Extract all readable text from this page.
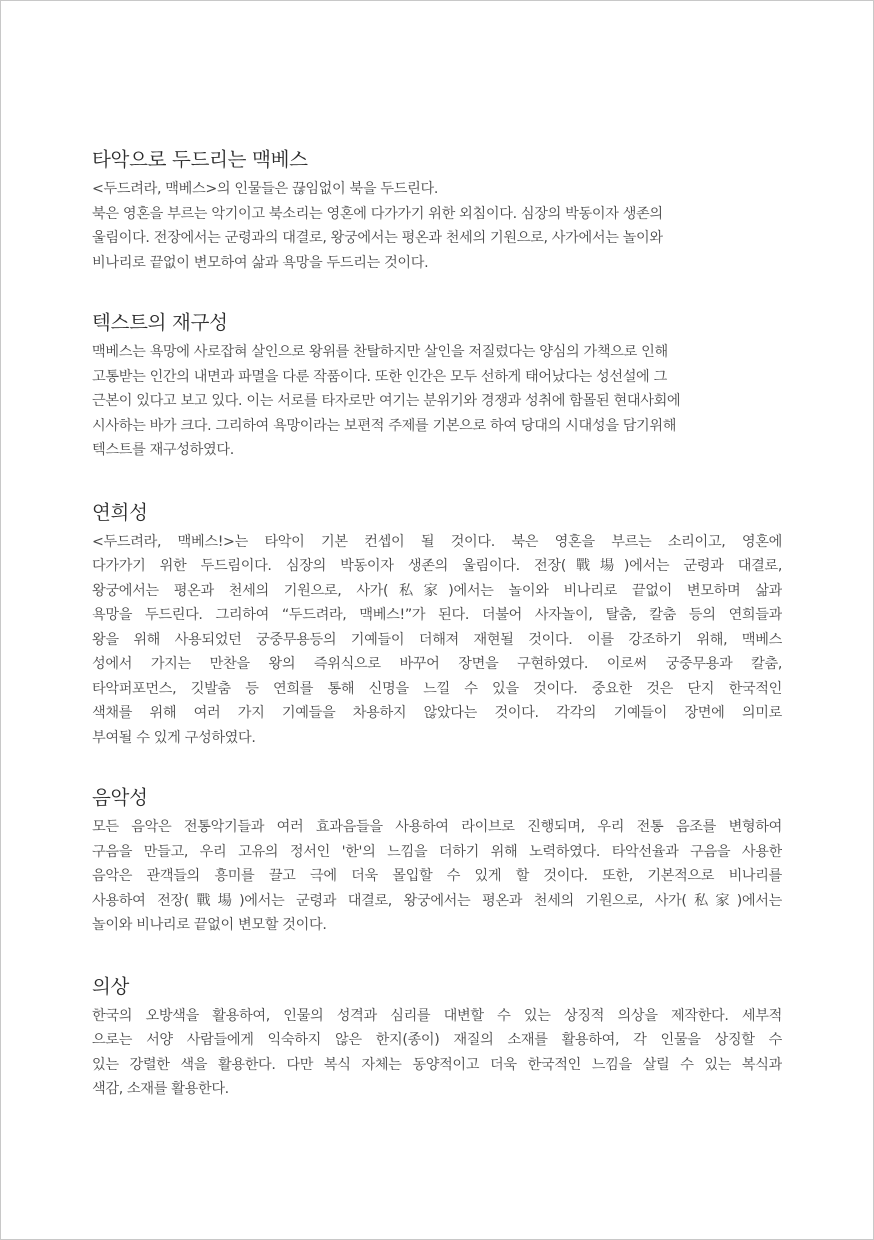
타악으로 두드리는 맥베스
<두드려라, 맥베스>의 인물들은 끊임없이 북을 두드린다.
북은 영혼을 부르는 악기이고 북소리는 영혼에 다가가기 위한 외침이다. 심장의 박동이자 생존의
울림이다. 전장에서는 군령과의 대결로, 왕궁에서는 평온과 천세의 기원으로, 사가에서는 놀이와
비나리로 끝없이 변모하여 삶과 욕망을 두드리는 것이다.
텍스트의 재구성
맥베스는 욕망에 사로잡혀 살인으로 왕위를 찬탈하지만 살인을 저질렀다는 양심의 가책으로 인해
고통받는 인간의 내면과 파멸을 다룬 작품이다. 또한 인간은 모두 선하게 태어났다는 성선설에 그
근본이 있다고 보고 있다. 이는 서로를 타자로만 여기는 분위기와 경쟁과 성취에 함몰된 현대사회에
시사하는 바가 크다. 그리하여 욕망이라는 보편적 주제를 기본으로 하여 당대의 시대성을 담기위해
텍스트를 재구성하였다.
연희성
<두드려라, 맥베스!>는 타악이 기본 컨셉이 될 것이다. 북은 영혼을 부르는 소리이고, 영혼에
다가가기 위한 두드림이다. 심장의 박동이자 생존의 울림이다. 전장(戰場)에서는 군령과 대결로,
왕궁에서는 평온과 천세의 기원으로, 사가(私家)에서는 놀이와 비나리로 끝없이 변모하며 삶과
욕망을 두드린다. 그리하여 “두드려라, 맥베스!”가 된다. 더불어 사자놀이, 탈춤, 칼춤 등의 연희들과
왕을 위해 사용되었던 궁중무용등의 기예들이 더해져 재현될 것이다. 이를 강조하기 위해, 맥베스
성에서 가지는 만찬을 왕의 즉위식으로 바꾸어 장면을 구현하였다. 이로써 궁중무용과 칼춤,
타악퍼포먼스, 깃발춤 등 연희를 통해 신명을 느낄 수 있을 것이다. 중요한 것은 단지 한국적인
색채를 위해 여러 가지 기예들을 차용하지 않았다는 것이다. 각각의 기예들이 장면에 의미로
부여될 수 있게 구성하였다.
음악성
모든 음악은 전통악기들과 여러 효과음들을 사용하여 라이브로 진행되며, 우리 전통 음조를 변형하여
구음을 만들고, 우리 고유의 정서인 '한'의 느낌을 더하기 위해 노력하였다. 타악선율과 구음을 사용한
음악은 관객들의 흥미를 끌고 극에 더욱 몰입할 수 있게 할 것이다. 또한, 기본적으로 비나리를
사용하여 전장(戰場)에서는 군령과 대결로, 왕궁에서는 평온과 천세의 기원으로, 사가(私家)에서는
놀이와 비나리로 끝없이 변모할 것이다.
의상
한국의 오방색을 활용하여, 인물의 성격과 심리를 대변할 수 있는 상징적 의상을 제작한다. 세부적
으로는 서양 사람들에게 익숙하지 않은 한지(종이) 재질의 소재를 활용하여, 각 인물을 상징할 수
있는 강렬한 색을 활용한다. 다만 복식 자체는 동양적이고 더욱 한국적인 느낌을 살릴 수 있는 복식과
색감, 소재를 활용한다.
